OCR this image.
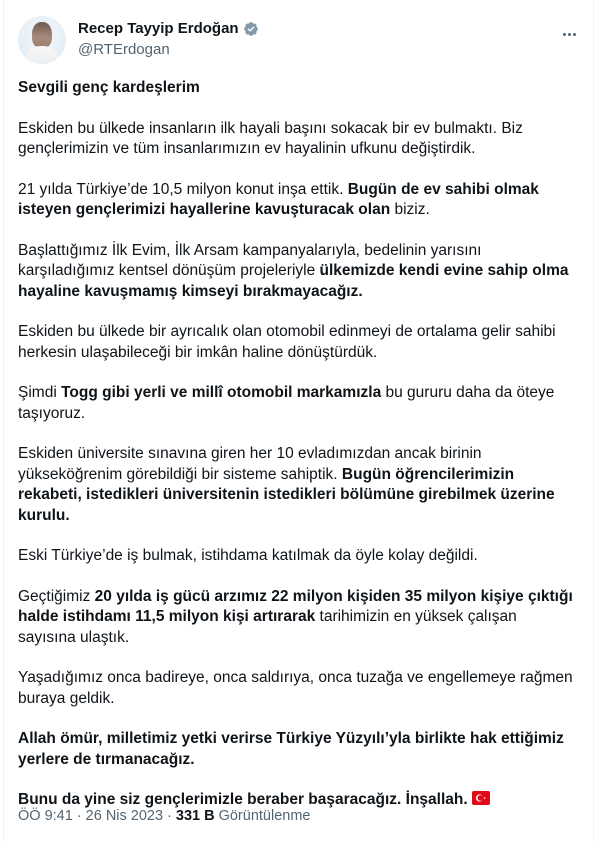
Recep Tayyip Erdoğan
@RTErdogan

Sevgili genç kardeşlerim

Eskiden bu ülkede insanların ilk hayali başını sokacak bir ev bulmaktı. Biz gençlerimizin ve tüm insanlarımızın ev hayalinin ufkunu değiştirdik.

21 yılda Türkiye’de 10,5 milyon konut inşa ettik. Bugün de ev sahibi olmak isteyen gençlerimizi hayallerine kavuşturacak olan biziz.

Başlattığımız İlk Evim, İlk Arsam kampanyalarıyla, bedelinin yarısını karşıladığımız kentsel dönüşüm projeleriyle ülkemizde kendi evine sahip olma hayaline kavuşmamış kimseyi bırakmayacağız.

Eskiden bu ülkede bir ayrıcalık olan otomobil edinmeyi de ortalama gelir sahibi herkesin ulaşabileceği bir imkân haline dönüştürdük.

Şimdi Togg gibi yerli ve millî otomobil markamızla bu gururu daha da öteye taşıyoruz.

Eskiden üniversite sınavına giren her 10 evladımızdan ancak birinin yükseköğrenim görebildiği bir sisteme sahiptik. Bugün öğrencilerimizin rekabeti, istedikleri üniversitenin istedikleri bölümüne girebilmek üzerine kurulu.

Eski Türkiye’de iş bulmak, istihdama katılmak da öyle kolay değildi.

Geçtiğimiz 20 yılda iş gücü arzımız 22 milyon kişiden 35 milyon kişiye çıktığı halde istihdamı 11,5 milyon kişi artırarak tarihimizin en yüksek çalışan sayısına ulaştık.

Yaşadığımız onca badireye, onca saldırıya, onca tuzağa ve engellemeye rağmen buraya geldik.

Allah ömür, milletimiz yetki verirse Türkiye Yüzyılı’yla birlikte hak ettiğimiz yerlere de tırmanacağız.

Bunu da yine siz gençlerimizle beraber başaracağız. İnşallah.

ÖÖ 9:41 · 26 Nis 2023 · 331 B Görüntülenme
